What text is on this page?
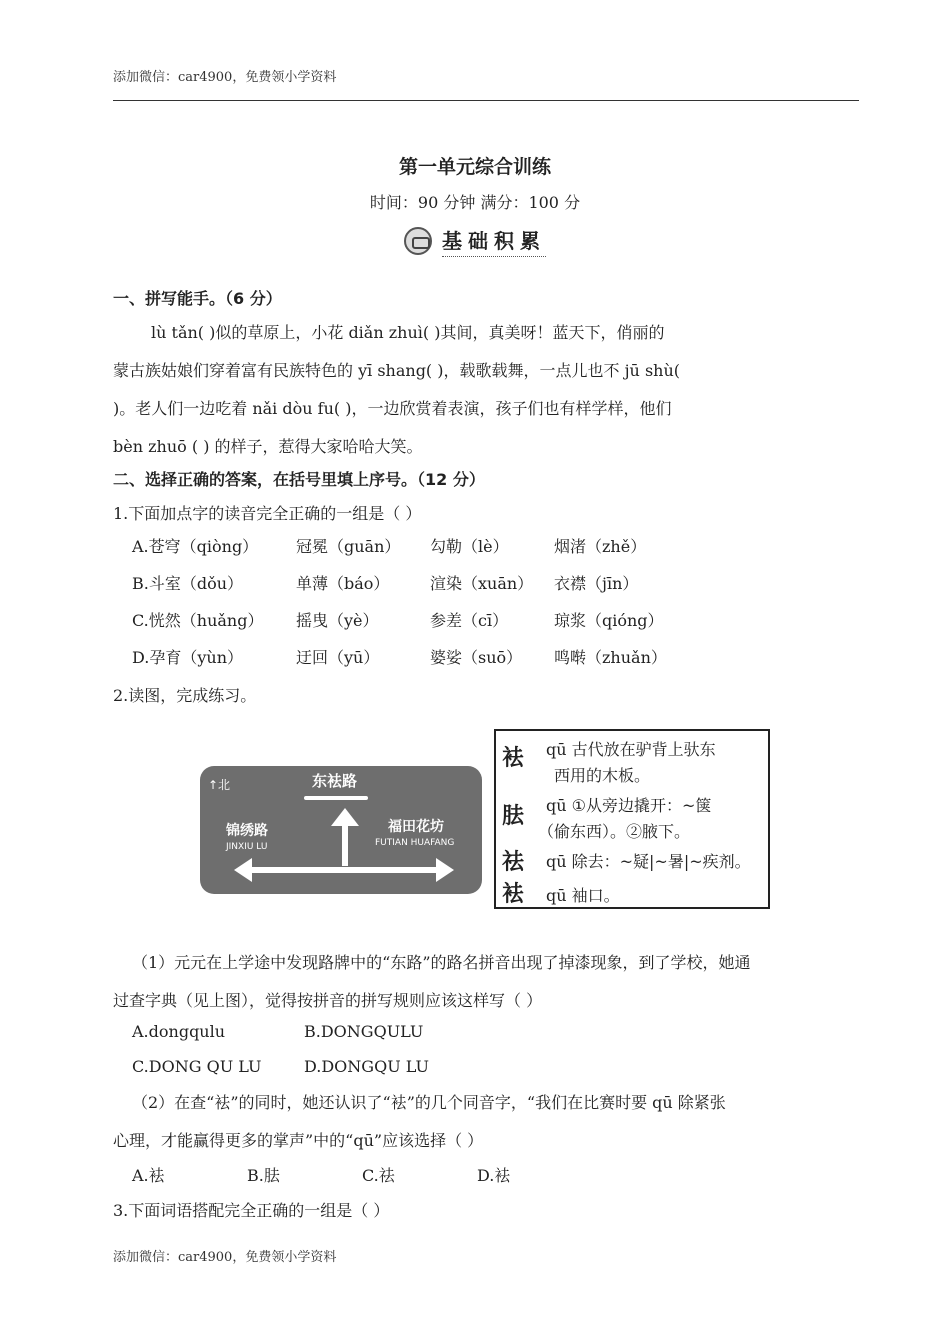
添加微信：car4900，免费领小学资料
第一单元综合训练
时间：90 分钟 满分：100 分
基础积累
一、拼写能手。（6 分）
lù tǎn( )似的草原上，小花 diǎn zhuì( )其间，真美呀！蓝天下，俏丽的
蒙古族姑娘们穿着富有民族特色的 yī shang( )，载歌载舞，一点儿也不 jū shù(
)。老人们一边吃着 nǎi dòu fu( )，一边欣赏着表演，孩子们也有样学样，他们
bèn zhuō ( ) 的样子，惹得大家哈哈大笑。
二、选择正确的答案，在括号里填上序号。（12 分）
1.下面加点字的读音完全正确的一组是（ ）
A.苍穹（qiòng） 冠冕（guān） 勾勒（lè）	烟渚（zhě）
B.斗室（dǒu）	单薄（báo）	渲染（xuān） 衣襟（jīn）
C.恍然（huǎng） 摇曳（yè）	参差（cī）	琼浆（qióng）
D.孕育（yùn）	迂回（yū）	婆娑（suō） 鸣啭（zhuǎn）
2.读图，完成练习。
↑北	东袪路
锦绣路
JINXIU LU
福田花坊
FUTIAN HUAFANG
袪 qū 古代放在驴背上驮东
西用的木板。
胠 qū ①从旁边撬开：~箧
（偷东西）。②腋下。
祛 qū 除去：~疑|~暑|~疾剂。
袪 qū 袖口。
（1）元元在上学途中发现路牌中的“东路”的路名拼音出现了掉漆现象，到了学校，她通
过查字典（见上图），觉得按拼音的拼写规则应该这样写（ ）
A.dongqulu	B.DONGQULU
C.DONG QU LU	D.DONGQU LU
（2）在查“袪”的同时，她还认识了“袪”的几个同音字，“我们在比赛时要 qū 除紧张
心理，才能赢得更多的掌声”中的“qū”应该选择（ ）
A.袪	B.胠	C.祛	D.袪
3.下面词语搭配完全正确的一组是（ ）
添加微信：car4900，免费领小学资料
